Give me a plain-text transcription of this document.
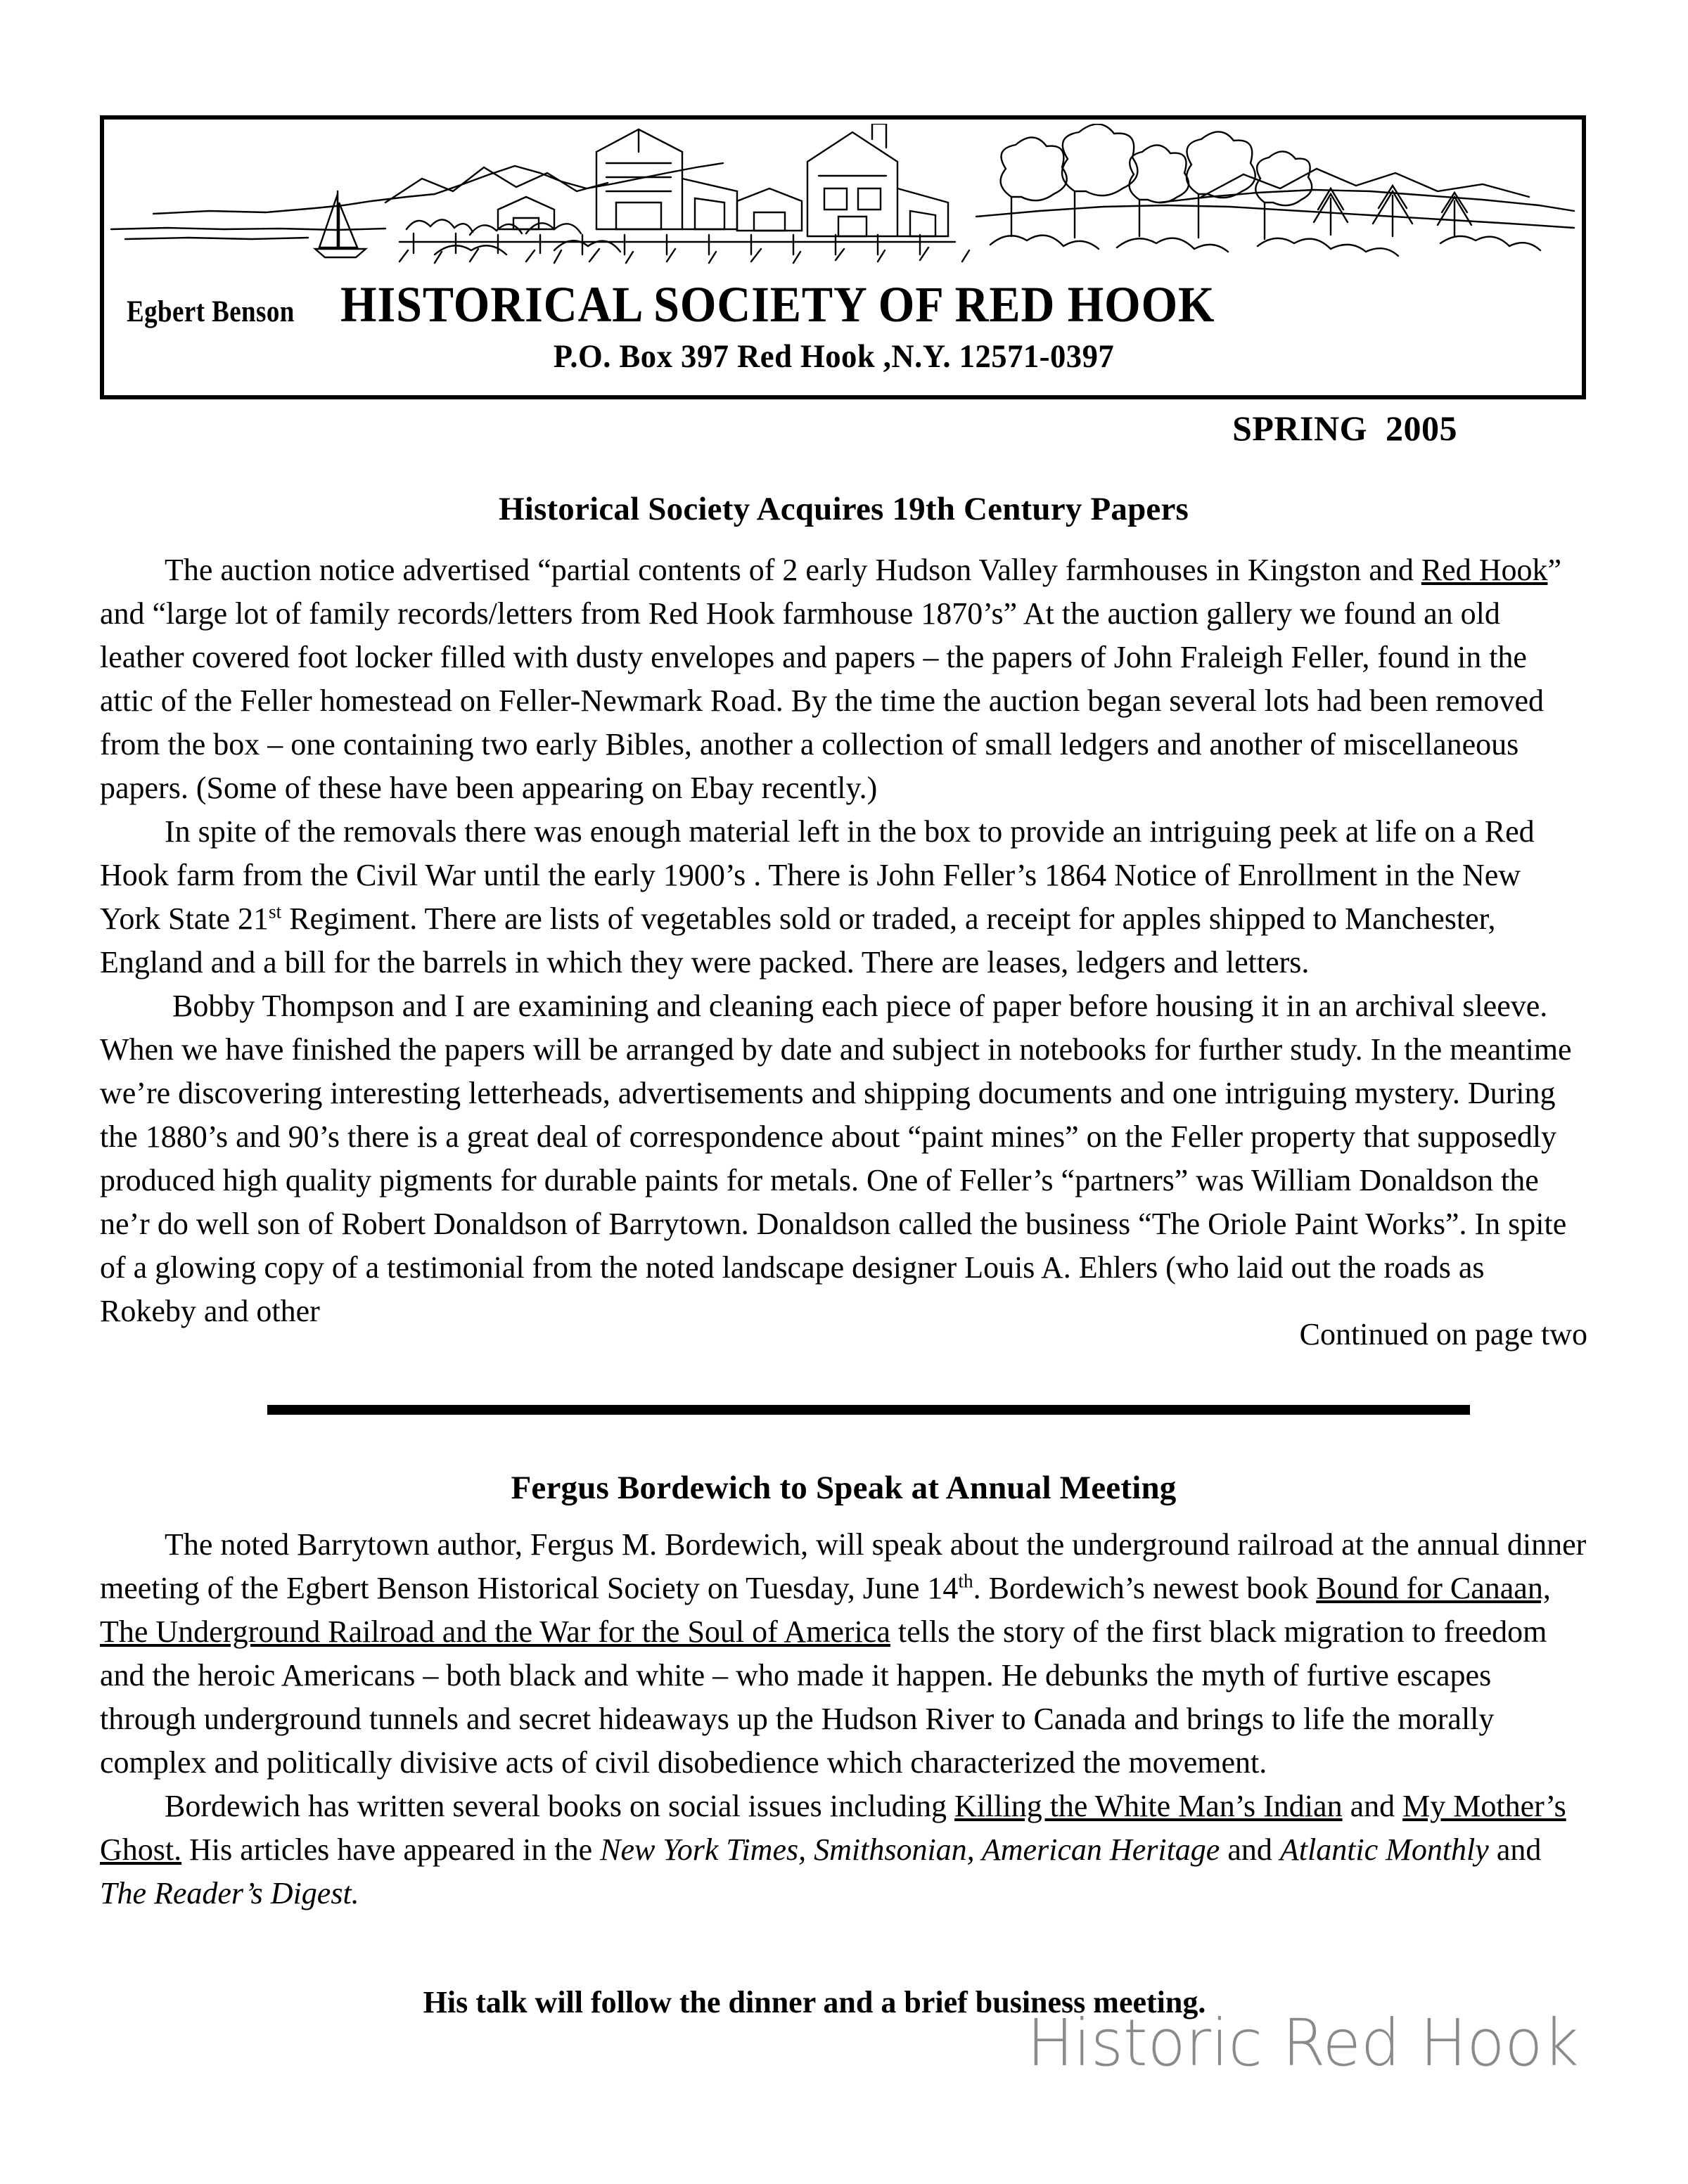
Egbert Benson HISTORICAL SOCIETY OF RED HOOK
P.O. Box 397 Red Hook ,N.Y. 12571-0397
SPRING  2005
Historical Society Acquires 19th Century Papers

The auction notice advertised “partial contents of 2 early Hudson Valley farmhouses in Kingston and Red Hook” and “large lot of family records/letters from Red Hook farmhouse 1870’s” At the auction gallery we found an old leather covered foot locker filled with dusty envelopes and papers – the papers of John Fraleigh Feller, found in the attic of the Feller homestead on Feller-Newmark Road. By the time the auction began several lots had been removed from the box – one containing two early Bibles, another a collection of small ledgers and another of miscellaneous papers. (Some of these have been appearing on Ebay recently.)

In spite of the removals there was enough material left in the box to provide an intriguing peek at life on a Red Hook farm from the Civil War until the early 1900’s . There is John Feller’s 1864 Notice of Enrollment in the New York State 21st Regiment. There are lists of vegetables sold or traded, a receipt for apples shipped to Manchester, England and a bill for the barrels in which they were packed. There are leases, ledgers and letters.

Bobby Thompson and I are examining and cleaning each piece of paper before housing it in an archival sleeve. When we have finished the papers will be arranged by date and subject in notebooks for further study. In the meantime we’re discovering interesting letterheads, advertisements and shipping documents and one intriguing mystery. During the 1880’s and 90’s there is a great deal of correspondence about “paint mines” on the Feller property that supposedly produced high quality pigments for durable paints for metals. One of Feller’s “partners” was William Donaldson the ne’r do well son of Robert Donaldson of Barrytown. Donaldson called the business “The Oriole Paint Works”. In spite of a glowing copy of a testimonial from the noted landscape designer Louis A. Ehlers (who laid out the roads as Rokeby and other

Continued on page two
Fergus Bordewich to Speak at Annual Meeting

The noted Barrytown author, Fergus M. Bordewich, will speak about the underground railroad at the annual dinner meeting of the Egbert Benson Historical Society on Tuesday, June 14th. Bordewich’s newest book Bound for Canaan, The Underground Railroad and the War for the Soul of America tells the story of the first black migration to freedom and the heroic Americans – both black and white – who made it happen. He debunks the myth of furtive escapes through underground tunnels and secret hideaways up the Hudson River to Canada and brings to life the morally complex and politically divisive acts of civil disobedience which characterized the movement.

Bordewich has written several books on social issues including Killing the White Man’s Indian and My Mother’s Ghost. His articles have appeared in the New York Times, Smithsonian, American Heritage and Atlantic Monthly and The Reader’s Digest.

His talk will follow the dinner and a brief business meeting.
Historic Red Hook
